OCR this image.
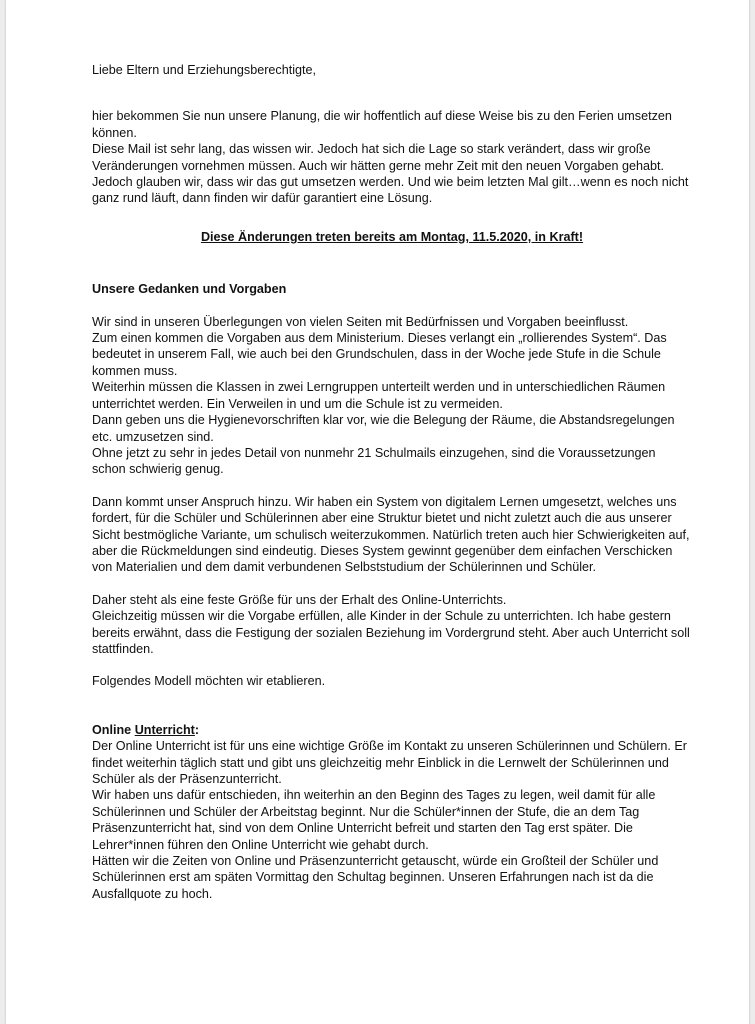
Liebe Eltern und Erziehungsberechtigte,

hier bekommen Sie nun unsere Planung, die wir hoffentlich auf diese Weise bis zu den Ferien umsetzen können.

Diese Mail ist sehr lang, das wissen wir. Jedoch hat sich die Lage so stark verändert, dass wir große Veränderungen vornehmen müssen. Auch wir hätten gerne mehr Zeit mit den neuen Vorgaben gehabt. Jedoch glauben wir, dass wir das gut umsetzen werden. Und wie beim letzten Mal gilt…wenn es noch nicht ganz rund läuft, dann finden wir dafür garantiert eine Lösung.

Diese Änderungen treten bereits am Montag, 11.5.2020, in Kraft!

Unsere Gedanken und Vorgaben

Wir sind in unseren Überlegungen von vielen Seiten mit Bedürfnissen und Vorgaben beeinflusst.

Zum einen kommen die Vorgaben aus dem Ministerium. Dieses verlangt ein „rollierendes System“. Das bedeutet in unserem Fall, wie auch bei den Grundschulen, dass in der Woche jede Stufe in die Schule kommen muss.

Weiterhin müssen die Klassen in zwei Lerngruppen unterteilt werden und in unterschiedlichen Räumen unterrichtet werden. Ein Verweilen in und um die Schule ist zu vermeiden.

Dann geben uns die Hygienevorschriften klar vor, wie die Belegung der Räume, die Abstandsregelungen etc. umzusetzen sind.

Ohne jetzt zu sehr in jedes Detail von nunmehr 21 Schulmails einzugehen, sind die Voraussetzungen schon schwierig genug.

Dann kommt unser Anspruch hinzu. Wir haben ein System von digitalem Lernen umgesetzt, welches uns fordert, für die Schüler und Schülerinnen aber eine Struktur bietet und nicht zuletzt auch die aus unserer Sicht bestmögliche Variante, um schulisch weiterzukommen. Natürlich treten auch hier Schwierigkeiten auf, aber die Rückmeldungen sind eindeutig. Dieses System gewinnt gegenüber dem einfachen Verschicken von Materialien und dem damit verbundenen Selbststudium der Schülerinnen und Schüler.

Daher steht als eine feste Größe für uns der Erhalt des Online-Unterrichts.

Gleichzeitig müssen wir die Vorgabe erfüllen, alle Kinder in der Schule zu unterrichten. Ich habe gestern bereits erwähnt, dass die Festigung der sozialen Beziehung im Vordergrund steht. Aber auch Unterricht soll stattfinden.

Folgendes Modell möchten wir etablieren.

Online Unterricht:

Der Online Unterricht ist für uns eine wichtige Größe im Kontakt zu unseren Schülerinnen und Schülern. Er findet weiterhin täglich statt und gibt uns gleichzeitig mehr Einblick in die Lernwelt der Schülerinnen und Schüler als der Präsenzunterricht.

Wir haben uns dafür entschieden, ihn weiterhin an den Beginn des Tages zu legen, weil damit für alle Schülerinnen und Schüler der Arbeitstag beginnt. Nur die Schüler*innen der Stufe, die an dem Tag Präsenzunterricht hat, sind von dem Online Unterricht befreit und starten den Tag erst später. Die Lehrer*innen führen den Online Unterricht wie gehabt durch.

Hätten wir die Zeiten von Online und Präsenzunterricht getauscht, würde ein Großteil der Schüler und Schülerinnen erst am späten Vormittag den Schultag beginnen. Unseren Erfahrungen nach ist da die Ausfallquote zu hoch.
